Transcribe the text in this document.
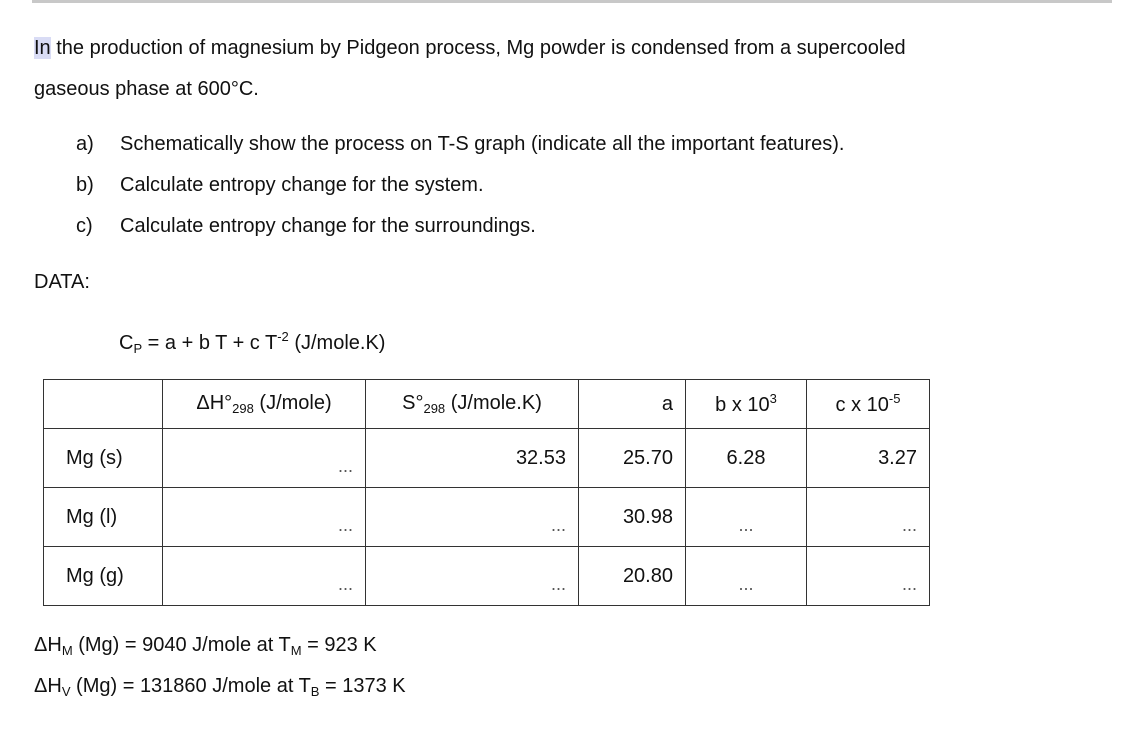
In the production of magnesium by Pidgeon process, Mg powder is condensed from a supercooled
gaseous phase at 600°C.
a) Schematically show the process on T-S graph (indicate all the important features).
b) Calculate entropy change for the system.
c) Calculate entropy change for the surroundings.
DATA:
$C_P = a + b$ T + c $T^{-2}$ (J/mole.K)
	$\Delta H^\circ_{298}$ (J/mole)	$S^\circ_{298}$ (J/mole.K)	a	b x $10^3$	c x $10^{-5}$
Mg (s)	...	32.53	25.70	6.28	3.27
Mg (l)	...	...	30.98	...	...
Mg (g)	...	...	20.80	...	...
$\Delta H_M$ (Mg) = 9040 J/mole at $T_M = 923$ K
$\Delta H_V$ (Mg) = 131860 J/mole at $T_B = 1373$ K
